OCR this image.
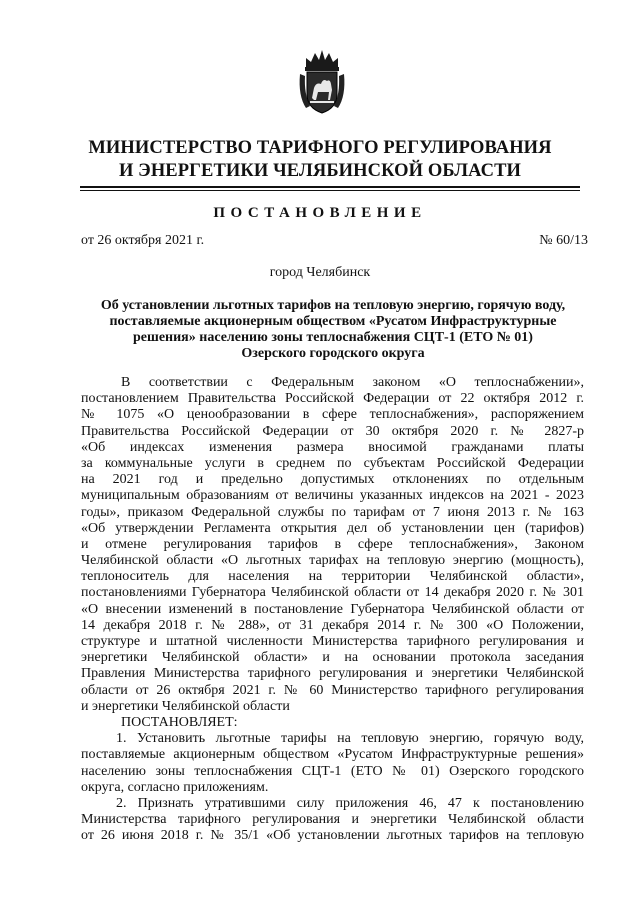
МИНИСТЕРСТВО ТАРИФНОГО РЕГУЛИРОВАНИЯ
И ЭНЕРГЕТИКИ ЧЕЛЯБИНСКОЙ ОБЛАСТИ
ПОСТАНОВЛЕНИЕ
от 26 октября 2021 г.	№ 60/13
город Челябинск
Об установлении льготных тарифов на тепловую энергию, горячую воду,
поставляемые акционерным обществом «Русатом Инфраструктурные
решения» населению зоны теплоснабжения СЦТ-1 (ЕТО № 01)
Озерского городского округа
В соответствии с Федеральным законом «О теплоснабжении»,
постановлением Правительства Российской Федерации от 22 октября 2012 г.
№ 1075 «О ценообразовании в сфере теплоснабжения», распоряжением
Правительства Российской Федерации от 30 октября 2020 г. № 2827-р
«Об индексах изменения размера вносимой гражданами платы
за коммунальные услуги в среднем по субъектам Российской Федерации
на 2021 год и предельно допустимых отклонениях по отдельным
муниципальным образованиям от величины указанных индексов на 2021 - 2023
годы», приказом Федеральной службы по тарифам от 7 июня 2013 г. № 163
«Об утверждении Регламента открытия дел об установлении цен (тарифов)
и отмене регулирования тарифов в сфере теплоснабжения», Законом
Челябинской области «О льготных тарифах на тепловую энергию (мощность),
теплоноситель для населения на территории Челябинской области»,
постановлениями Губернатора Челябинской области от 14 декабря 2020 г. № 301
«О внесении изменений в постановление Губернатора Челябинской области от
14 декабря 2018 г. № 288», от 31 декабря 2014 г. № 300 «О Положении,
структуре и штатной численности Министерства тарифного регулирования и
энергетики Челябинской области» и на основании протокола заседания
Правления Министерства тарифного регулирования и энергетики Челябинской
области от 26 октября 2021 г. № 60 Министерство тарифного регулирования
и энергетики Челябинской области
ПОСТАНОВЛЯЕТ:
1. Установить льготные тарифы на тепловую энергию, горячую воду,
поставляемые акционерным обществом «Русатом Инфраструктурные решения»
населению зоны теплоснабжения СЦТ-1 (ЕТО № 01) Озерского городского
округа, согласно приложениям.
2. Признать утратившими силу приложения 46, 47 к постановлению
Министерства тарифного регулирования и энергетики Челябинской области
от 26 июня 2018 г. № 35/1 «Об установлении льготных тарифов на тепловую
